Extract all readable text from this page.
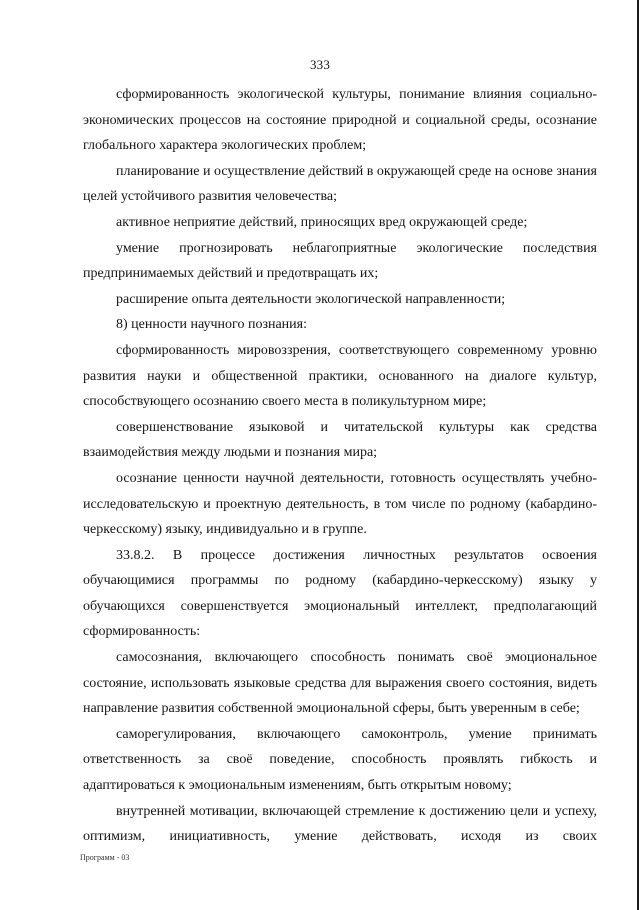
333

сформированность экологической культуры, понимание влияния социально-экономических процессов на состояние природной и социальной среды, осознание глобального характера экологических проблем;

планирование и осуществление действий в окружающей среде на основе знания целей устойчивого развития человечества;

активное неприятие действий, приносящих вред окружающей среде;

умение прогнозировать неблагоприятные экологические последствия предпринимаемых действий и предотвращать их;

расширение опыта деятельности экологической направленности;

8) ценности научного познания:

сформированность мировоззрения, соответствующего современному уровню развития науки и общественной практики, основанного на диалоге культур, способствующего осознанию своего места в поликультурном мире;

совершенствование языковой и читательской культуры как средства взаимодействия между людьми и познания мира;

осознание ценности научной деятельности, готовность осуществлять учебно-исследовательскую и проектную деятельность, в том числе по родному (кабардино-черкесскому) языку, индивидуально и в группе.

33.8.2. В процессе достижения личностных результатов освоения обучающимися программы по родному (кабардино-черкесскому) языку у обучающихся совершенствуется эмоциональный интеллект, предполагающий сформированность:

самосознания, включающего способность понимать своё эмоциональное состояние, использовать языковые средства для выражения своего состояния, видеть направление развития собственной эмоциональной сферы, быть уверенным в себе;

саморегулирования, включающего самоконтроль, умение принимать ответственность за своё поведение, способность проявлять гибкость и адаптироваться к эмоциональным изменениям, быть открытым новому;

внутренней мотивации, включающей стремление к достижению цели и успеху, оптимизм, инициативность, умение действовать, исходя из своих

Программ - 03
